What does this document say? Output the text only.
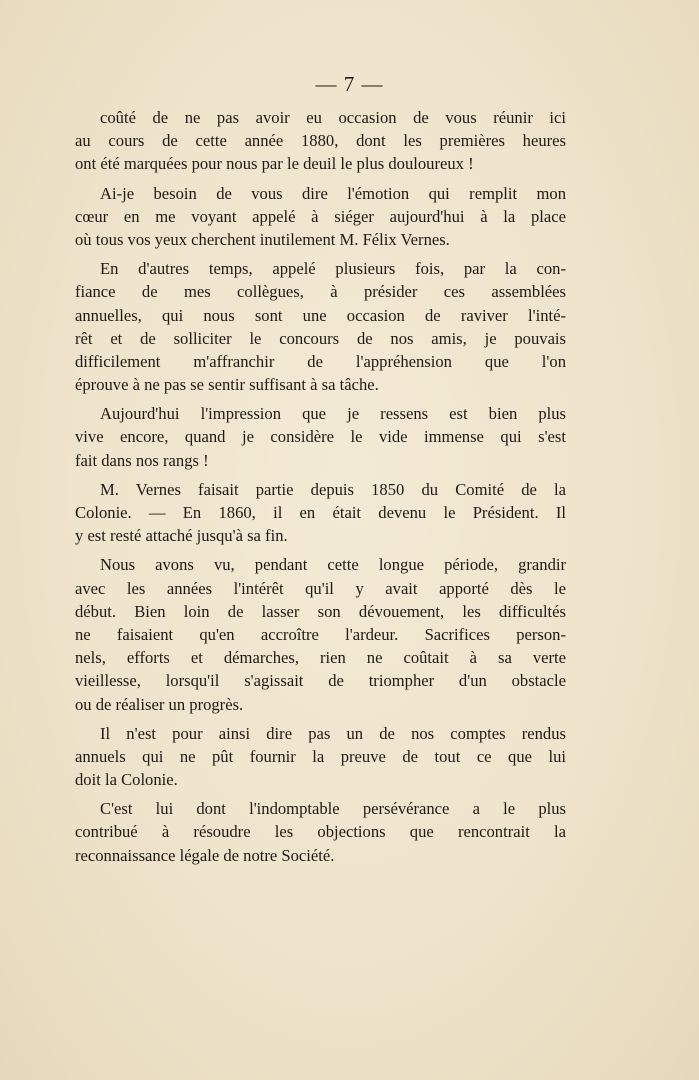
— 7 —
coûté de ne pas avoir eu occasion de vous réunir ici
au cours de cette année 1880, dont les premières heures
ont été marquées pour nous par le deuil le plus douloureux !
Ai-je besoin de vous dire l'émotion qui remplit mon
cœur en me voyant appelé à siéger aujourd'hui à la place
où tous vos yeux cherchent inutilement M. Félix Vernes.
En d'autres temps, appelé plusieurs fois, par la con-
fiance de mes collègues, à présider ces assemblées
annuelles, qui nous sont une occasion de raviver l'inté-
rêt et de solliciter le concours de nos amis, je pouvais
difficilement m'affranchir de l'appréhension que l'on
éprouve à ne pas se sentir suffisant à sa tâche.
Aujourd'hui l'impression que je ressens est bien plus
vive encore, quand je considère le vide immense qui s'est
fait dans nos rangs !
M. Vernes faisait partie depuis 1850 du Comité de la
Colonie. — En 1860, il en était devenu le Président. Il
y est resté attaché jusqu'à sa fin.
Nous avons vu, pendant cette longue période, grandir
avec les années l'intérêt qu'il y avait apporté dès le
début. Bien loin de lasser son dévouement, les difficultés
ne faisaient qu'en accroître l'ardeur. Sacrifices person-
nels, efforts et démarches, rien ne coûtait à sa verte
vieillesse, lorsqu'il s'agissait de triompher d'un obstacle
ou de réaliser un progrès.
Il n'est pour ainsi dire pas un de nos comptes rendus
annuels qui ne pût fournir la preuve de tout ce que lui
doit la Colonie.
C'est lui dont l'indomptable persévérance a le plus
contribué à résoudre les objections que rencontrait la
reconnaissance légale de notre Société.
